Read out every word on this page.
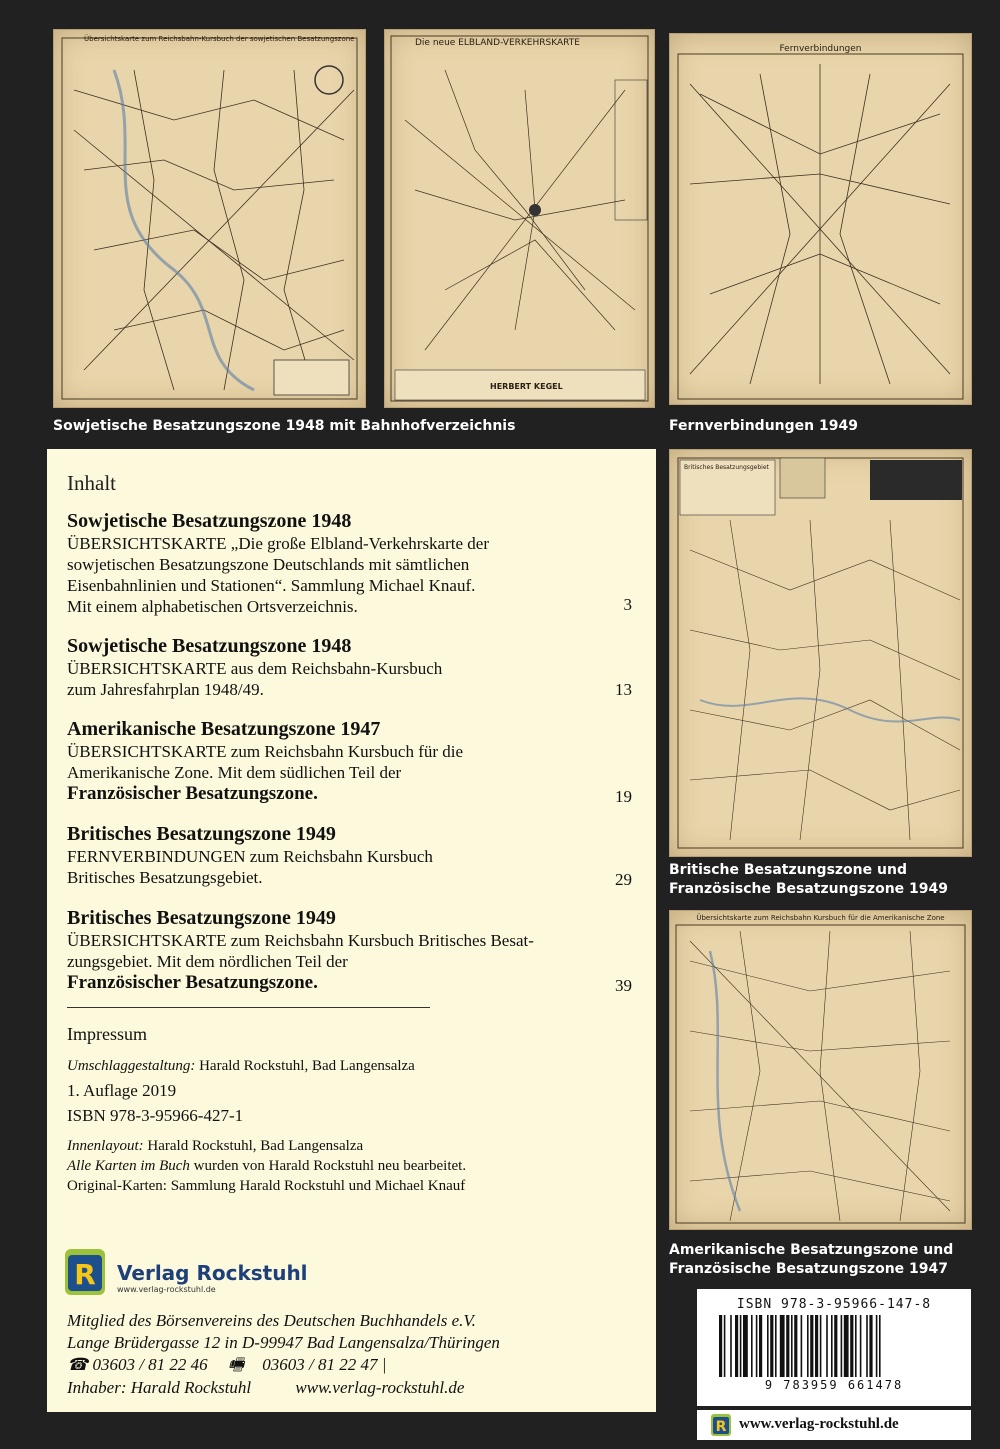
Übersichtskarte zum Reichsbahn-Kursbuch der sowjetischen Besatzungszone	Die neue ELBLAND-VERKEHRSKARTE
HERBERT KEGEL
Fernverbindungen
Sowjetische Besatzungszone 1948 mit Bahnhofverzeichnis	Fernverbindungen 1949
Britisches Besatzungsgebiet
Britische Besatzungszone und
Französische Besatzungszone 1949
Übersichtskarte zum Reichsbahn Kursbuch für die Amerikanische Zone
Amerikanische Besatzungszone und
Französische Besatzungszone 1947
Inhalt
Sowjetische Besatzungszone 1948
ÜBERSICHTSKARTE „Die große Elbland-Verkehrskarte der
sowjetischen Besatzungszone Deutschlands mit sämtlichen
Eisenbahnlinien und Stationen“. Sammlung Michael Knauf.
Mit einem alphabetischen Ortsverzeichnis.	3
Sowjetische Besatzungszone 1948
ÜBERSICHTSKARTE aus dem Reichsbahn-Kursbuch
zum Jahresfahrplan 1948/49.	13
Amerikanische Besatzungszone 1947
ÜBERSICHTSKARTE zum Reichsbahn Kursbuch für die
Amerikanische Zone. Mit dem südlichen Teil der
Französischer Besatzungszone.	19
Britisches Besatzungszone 1949
FERNVERBINDUNGEN zum Reichsbahn Kursbuch
Britisches Besatzungsgebiet.	29
Britisches Besatzungszone 1949
ÜBERSICHTSKARTE zum Reichsbahn Kursbuch Britisches Besat-
zungsgebiet. Mit dem nördlichen Teil der
Französischer Besatzungszone.	39
Impressum
Umschlaggestaltung: Harald Rockstuhl, Bad Langensalza
1. Auflage 2019
ISBN 978-3-95966-427-1
Innenlayout: Harald Rockstuhl, Bad Langensalza
Alle Karten im Buch wurden von Harald Rockstuhl neu bearbeitet.
Original-Karten: Sammlung Harald Rockstuhl und Michael Knauf
R Verlag Rockstuhl
www.verlag-rockstuhl.de
Mitglied des Börsenvereins des Deutschen Buchhandels e.V.
Lange Brüdergasse 12 in D-99947 Bad Langensalza/Thüringen
☎ 03603 / 81 22 46 🖷 03603 / 81 22 47 |
Inhaber: Harald Rockstuhl	www.verlag-rockstuhl.de
ISBN 978-3-95966-147-8
9 783959 661478
R www.verlag-rockstuhl.de
